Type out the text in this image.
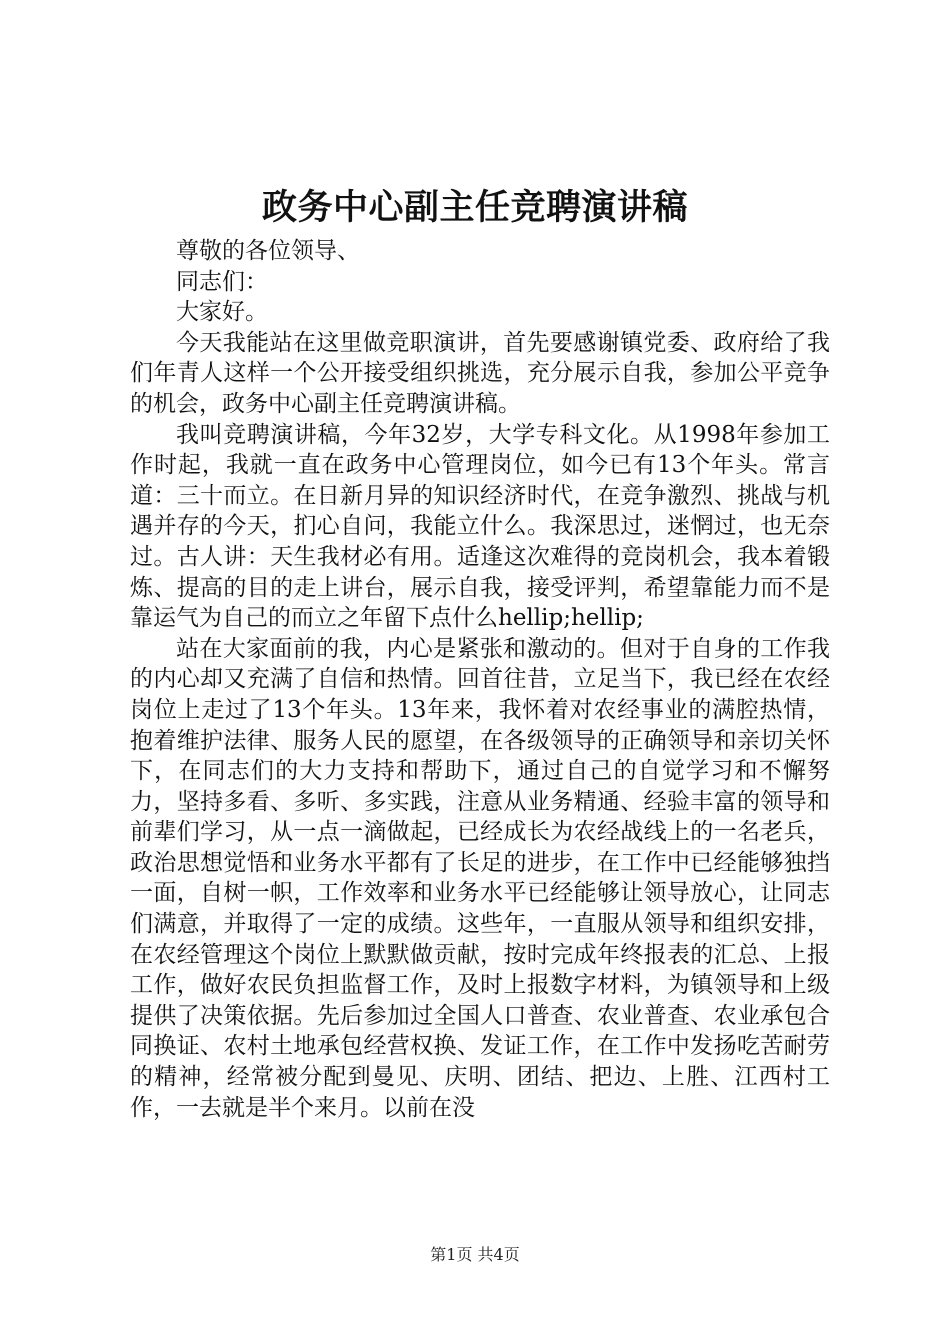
政务中心副主任竞聘演讲稿

尊敬的各位领导、

同志们：

大家好。

今天我能站在这里做竞职演讲，首先要感谢镇党委、政府给了我们年青人这样一个公开接受组织挑选，充分展示自我，参加公平竞争的机会，政务中心副主任竞聘演讲稿。

我叫竞聘演讲稿，今年32岁，大学专科文化。从1998年参加工作时起，我就一直在政务中心管理岗位，如今已有13个年头。常言道：三十而立。在日新月异的知识经济时代，在竞争激烈、挑战与机遇并存的今天，扪心自问，我能立什么。我深思过，迷惘过，也无奈过。古人讲：天生我材必有用。适逢这次难得的竞岗机会，我本着锻炼、提高的目的走上讲台，展示自我，接受评判，希望靠能力而不是靠运气为自己的而立之年留下点什么hellip;hellip;

站在大家面前的我，内心是紧张和激动的。但对于自身的工作我的内心却又充满了自信和热情。回首往昔，立足当下，我已经在农经岗位上走过了13个年头。13年来，我怀着对农经事业的满腔热情，抱着维护法律、服务人民的愿望，在各级领导的正确领导和亲切关怀下，在同志们的大力支持和帮助下，通过自己的自觉学习和不懈努力，坚持多看、多听、多实践，注意从业务精通、经验丰富的领导和前辈们学习，从一点一滴做起，已经成长为农经战线上的一名老兵，政治思想觉悟和业务水平都有了长足的进步，在工作中已经能够独挡一面，自树一帜，工作效率和业务水平已经能够让领导放心，让同志们满意，并取得了一定的成绩。这些年，一直服从领导和组织安排，在农经管理这个岗位上默默做贡献，按时完成年终报表的汇总、上报工作，做好农民负担监督工作，及时上报数字材料，为镇领导和上级提供了决策依据。先后参加过全国人口普查、农业普查、农业承包合同换证、农村土地承包经营权换、发证工作，在工作中发扬吃苦耐劳的精神，经常被分配到曼见、庆明、团结、把边、上胜、江西村工作，一去就是半个来月。以前在没

第1页 共4页
